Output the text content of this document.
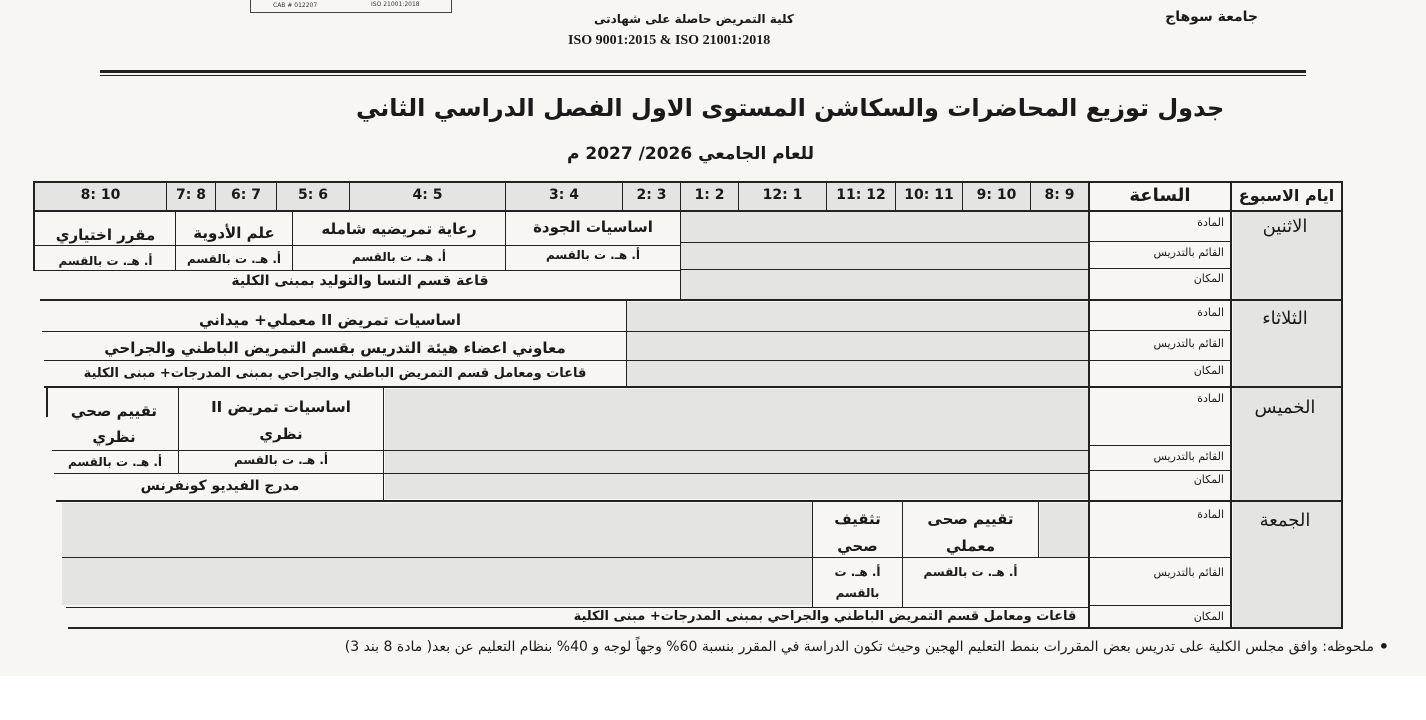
CAB # 012207	ISO 21001:2018
جامعة سوهاج
كلية التمريض حاصلة على شهادتى
ISO 9001:2015 & ISO 21001:2018
جدول توزيع المحاضرات والسكاشن المستوى الاول الفصل الدراسي الثاني
للعام الجامعي 2026/ 2027 م
ايام الاسبوع
الساعة
9 :8
10 :9
11 :10
12 :11
1 :12
2 :1
3 :2
4 :3
5 :4
6 :5
7 :6
8 :7
10 :8
الاثنين
المادة
القائم بالتدريس
المكان
اساسيات الجودة
رعاية تمريضيه شامله
علم الأدوية
مقرر اختياري
أ. هـ. ت بالقسم
أ. هـ. ت بالقسم
أ. هـ. ت بالقسم
أ. هـ. ت بالقسم
قاعة قسم النسا والتوليد بمبنى الكلية
الثلاثاء
المادة
القائم بالتدريس
المكان
اساسيات تمريض II معملي+ ميداني
معاوني اعضاء هيئة التدريس بقسم التمريض الباطني والجراحي
قاعات ومعامل قسم التمريض الباطني والجراحي بمبنى المدرجات+ مبنى الكلية
الخميس
المادة
القائم بالتدريس
المكان
اساسيات تمريض II
نظري
تقييم صحي
نظري
أ. هـ. ت بالقسم
أ. هـ. ت بالقسم
مدرج الفيديو كونفرنس
الجمعة
المادة
القائم بالتدريس
المكان
تقييم صحى
معملي
تثقيف
صحي
أ. هـ. ت بالقسم
أ. هـ. ت
بالقسم
قاعات ومعامل قسم التمريض الباطني والجراحي بمبنى المدرجات+ مبنى الكلية
•
ملحوظه: وافق مجلس الكلية على تدريس بعض المقررات بنمط التعليم الهجين وحيث تكون الدراسة في المقرر بنسبة 60% وجهاً لوجه و 40% بنظام التعليم عن بعد( مادة 8 بند 3)
